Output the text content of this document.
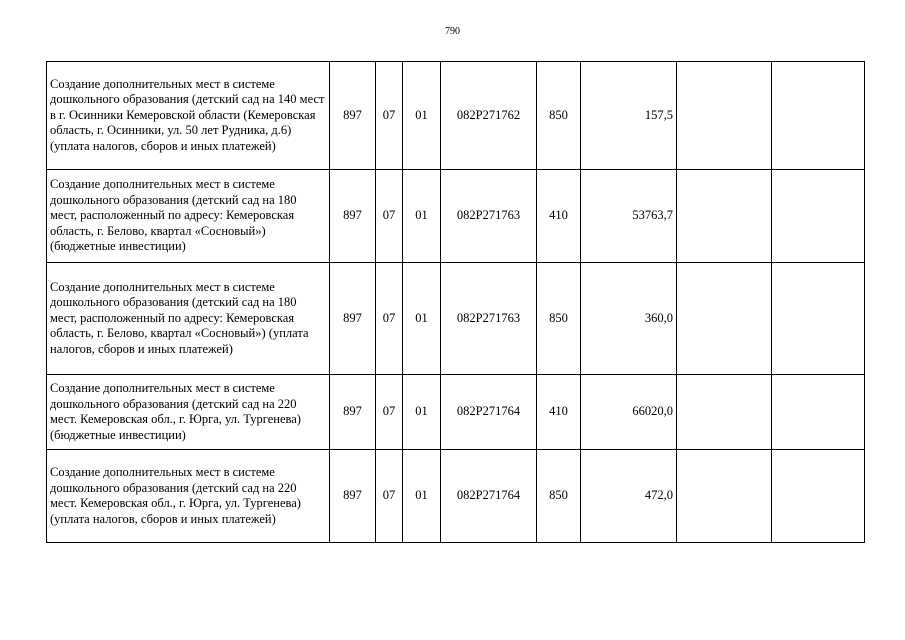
790
Создание дополнительных мест в системе дошкольного образования (детский сад на 140 мест в г. Осинники Кемеровской области (Кемеровская область, г. Осинники, ул. 50 лет Рудника, д.6) (уплата налогов, сборов и иных платежей)	897	07	01	082P271762	850	157,5		
Создание дополнительных мест в системе дошкольного образования (детский сад на 180 мест, расположенный по адресу: Кемеровская область, г. Белово, квартал «Сосновый») (бюджетные инвестиции)	897	07	01	082P271763	410	53763,7		
Создание дополнительных мест в системе дошкольного образования (детский сад на 180 мест, расположенный по адресу: Кемеровская область, г. Белово, квартал «Сосновый») (уплата налогов, сборов и иных платежей)	897	07	01	082P271763	850	360,0		
Создание дополнительных мест в системе дошкольного образования (детский сад на 220 мест. Кемеровская обл., г. Юрга, ул. Тургенева) (бюджетные инвестиции)	897	07	01	082P271764	410	66020,0		
Создание дополнительных мест в системе дошкольного образования (детский сад на 220 мест. Кемеровская обл., г. Юрга, ул. Тургенева) (уплата налогов, сборов и иных платежей)	897	07	01	082P271764	850	472,0		
